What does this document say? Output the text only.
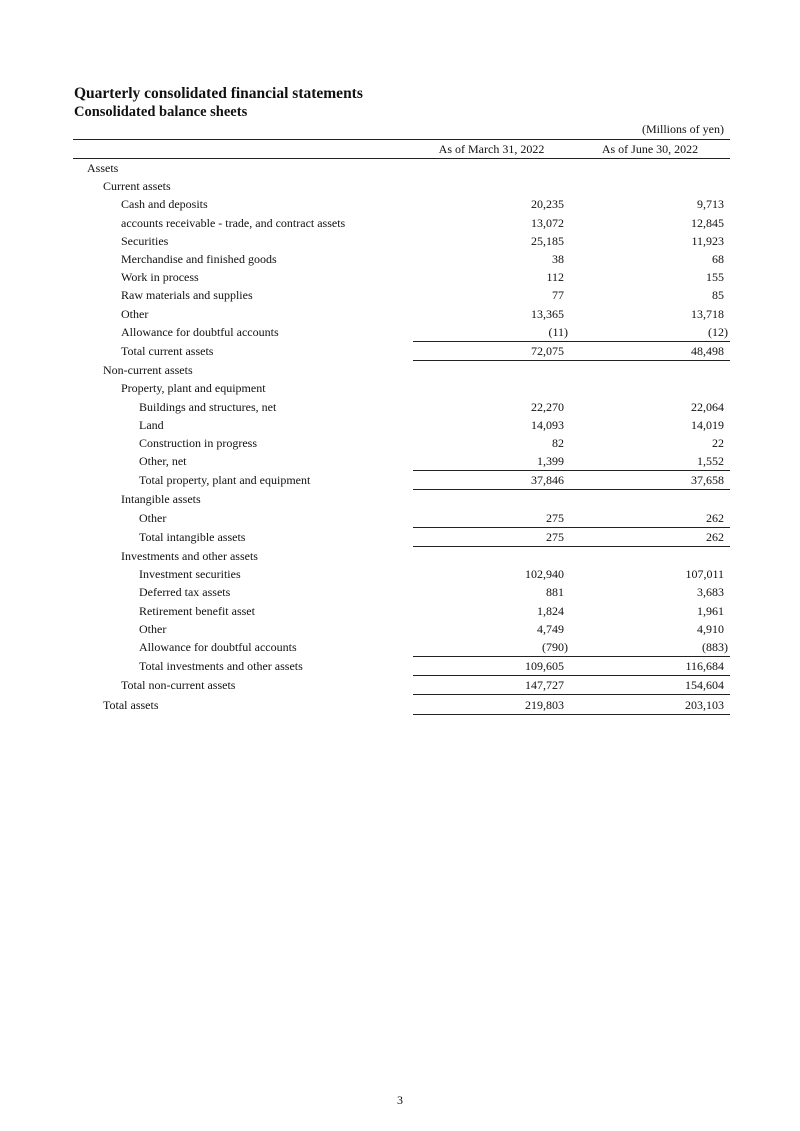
Quarterly consolidated financial statements
Consolidated balance sheets
(Millions of yen)
	As of March 31, 2022	As of June 30, 2022
Assets		
Current assets		
Cash and deposits	20,235	9,713
accounts receivable - trade, and contract assets	13,072	12,845
Securities	25,185	11,923
Merchandise and finished goods	38	68
Work in process	112	155
Raw materials and supplies	77	85
Other	13,365	13,718
Allowance for doubtful accounts	(11)	(12)
Total current assets	72,075	48,498
Non-current assets		
Property, plant and equipment		
Buildings and structures, net	22,270	22,064
Land	14,093	14,019
Construction in progress	82	22
Other, net	1,399	1,552
Total property, plant and equipment	37,846	37,658
Intangible assets		
Other	275	262
Total intangible assets	275	262
Investments and other assets		
Investment securities	102,940	107,011
Deferred tax assets	881	3,683
Retirement benefit asset	1,824	1,961
Other	4,749	4,910
Allowance for doubtful accounts	(790)	(883)
Total investments and other assets	109,605	116,684
Total non-current assets	147,727	154,604
Total assets	219,803	203,103
3
